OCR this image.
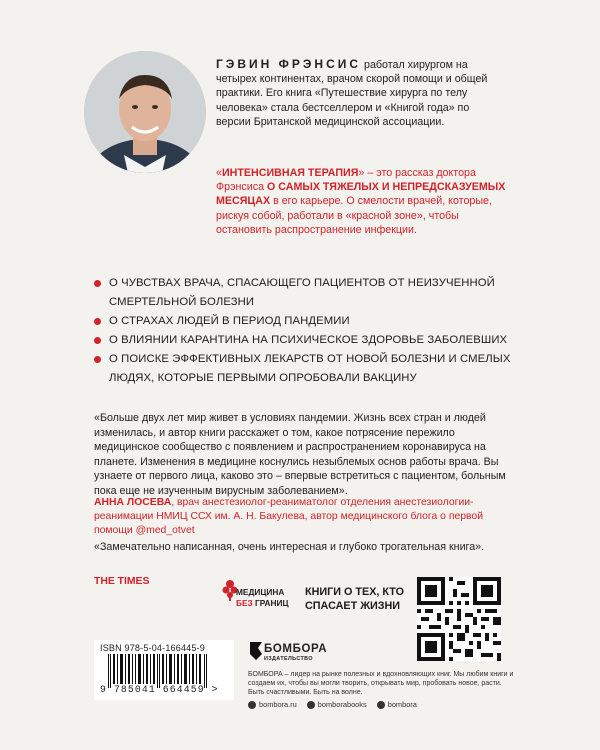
ГЭВИН ФРЭНСИС работал хирургом на четырех континентах, врачом скорой помощи и общей практики. Его книга «Путешествие хирурга по телу человека» стала бестселлером и «Книгой года» по версии Британской медицинской ассоциации.
«ИНТЕНСИВНАЯ ТЕРАПИЯ» – это рассказ доктора Фрэнсиса О САМЫХ ТЯЖЕЛЫХ И НЕПРЕДСКАЗУЕМЫХ МЕСЯЦАХ в его карьере. О смелости врачей, которые, рискуя собой, работали в «красной зоне», чтобы остановить распространение инфекции.
О ЧУВСТВАХ ВРАЧА, СПАСАЮЩЕГО ПАЦИЕНТОВ ОТ НЕИЗУЧЕННОЙ СМЕРТЕЛЬНОЙ БОЛЕЗНИ
О СТРАХАХ ЛЮДЕЙ В ПЕРИОД ПАНДЕМИИ
О ВЛИЯНИИ КАРАНТИНА НА ПСИХИЧЕСКОЕ ЗДОРОВЬЕ ЗАБОЛЕВШИХ
О ПОИСКЕ ЭФФЕКТИВНЫХ ЛЕКАРСТВ ОТ НОВОЙ БОЛЕЗНИ И СМЕЛЫХ ЛЮДЯХ, КОТОРЫЕ ПЕРВЫМИ ОПРОБОВАЛИ ВАКЦИНУ
«Больше двух лет мир живет в условиях пандемии. Жизнь всех стран и людей изменилась, и автор книги расскажет о том, какое потрясение пережило медицинское сообщество с появлением и распространением коронавируса на планете. Изменения в медицине коснулись незыблемых основ работы врача. Вы узнаете от первого лица, каково это – впервые встретиться с пациентом, больным пока еще не изученным вирусным заболеванием».
АННА ЛОСЕВА, врач анестезиолог-реаниматолог отделения анестезиологии-реанимации НМИЦ ССХ им. А. Н. Бакулева, автор медицинского блога о первой помощи @med_otvet
«Замечательно написанная, очень интересная и глубоко трогательная книга».
THE TIMES
МЕДИЦИНА
БЕЗ ГРАНИЦ
КНИГИ О ТЕХ, КТО СПАСАЕТ ЖИЗНИ
ISBN 978-5-04-166445-9
9 785041 664459 >
БОМБОРА
ИЗДАТЕЛЬСТВО
БОМБОРА – лидер на рынке полезных и вдохновляющих книг. Мы любим книги и создаем их, чтобы вы могли творить, открывать мир, пробовать новое, расти. Быть счастливыми. Быть на волне.
bombora.ru	bomborabooks	bombora
